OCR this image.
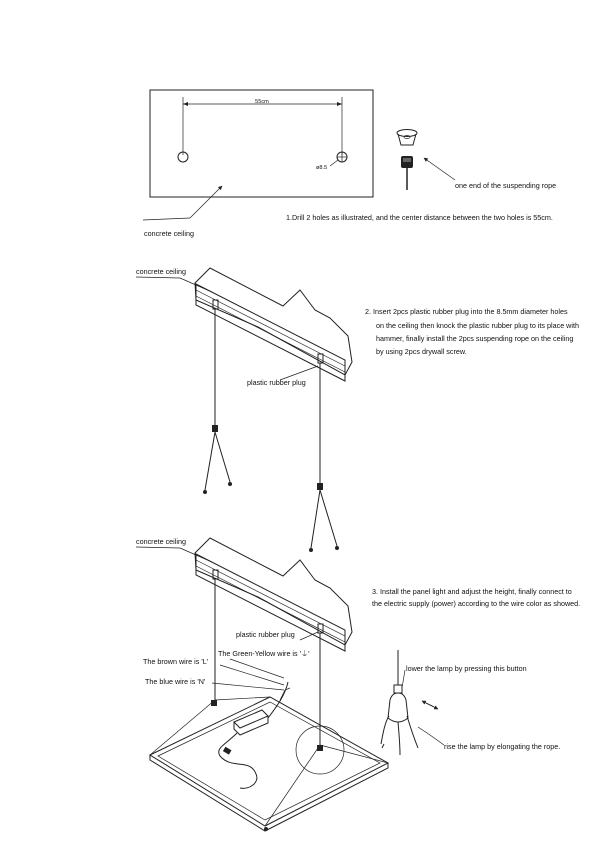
55cm
ø8.5
one end of the suspending rope
concrete ceiling
1.Drill 2 holes as illustrated, and the center distance between the two holes is 55cm.
concrete ceiling
plastic rubber plug
2. Insert 2pcs plastic rubber plug into the 8.5mm diameter holes
on the ceiling then knock the plastic rubber plug to its place with
hammer, finally install the 2pcs suspending rope on the ceiling
by using 2pcs drywall screw.
concrete ceiling
plastic rubber plug
The Green-Yellow wire is '⏚'
The brown wire is 'L'
The blue wire is 'N'
3. Install the panel light and adjust the height, finally connect to
the electric supply (power) according to the wire color as showed.
lower the lamp by pressing this button
rise the lamp by elongating the rope.
